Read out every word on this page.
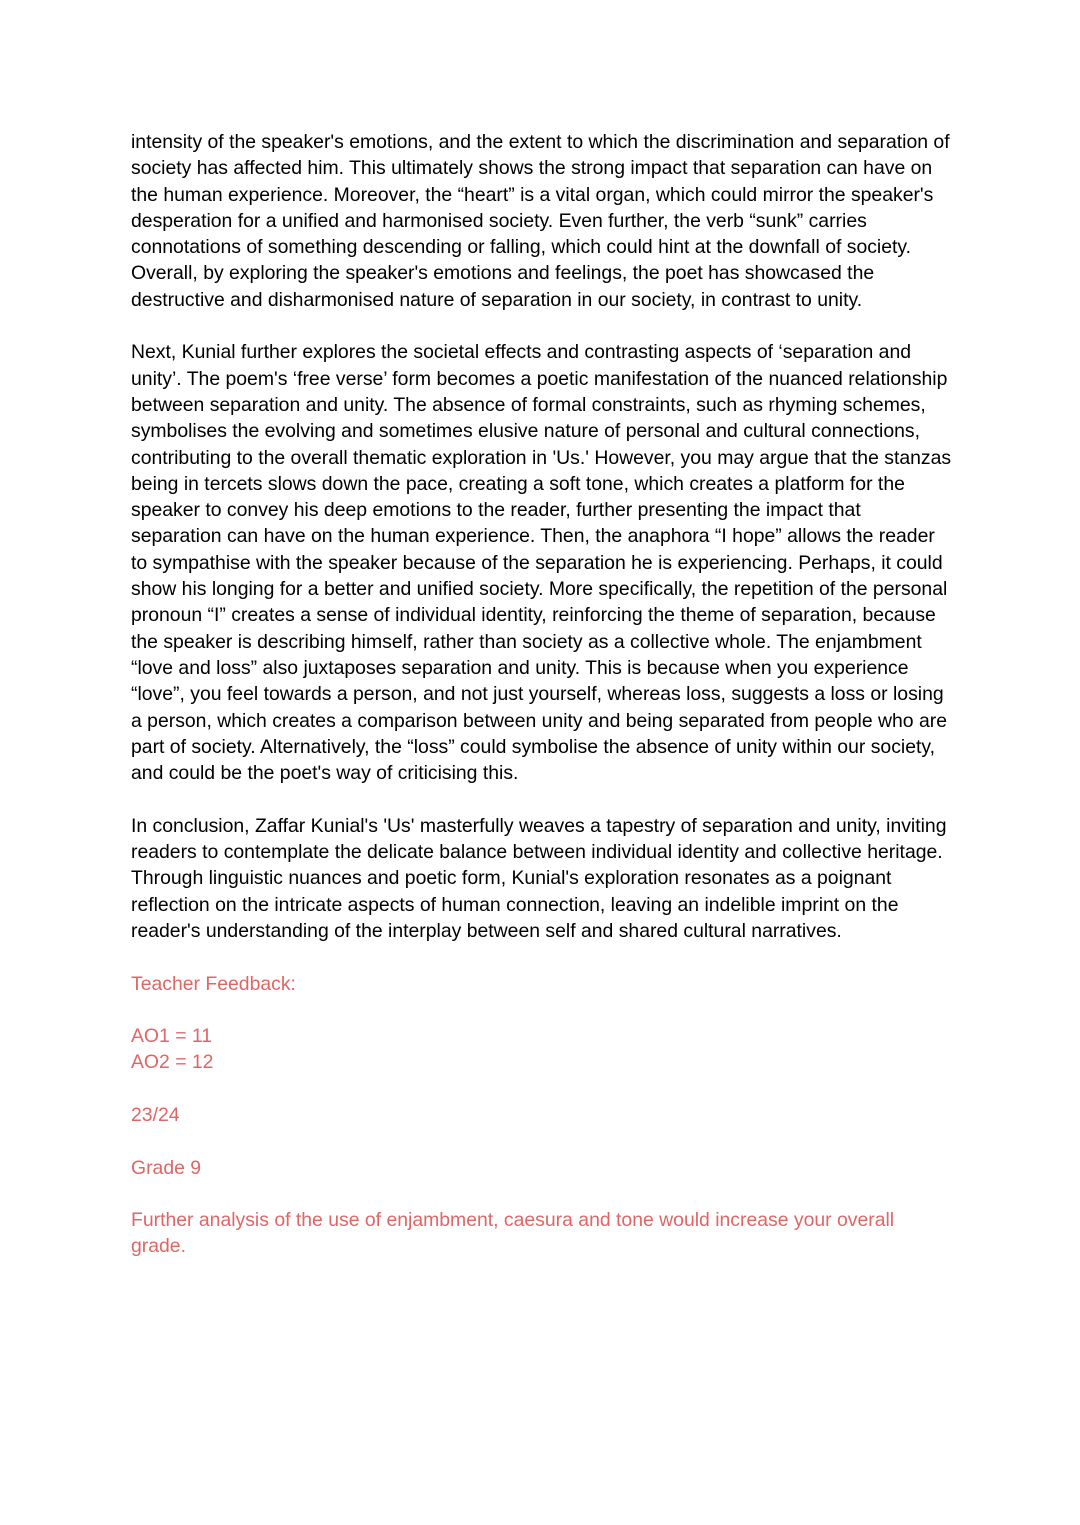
intensity of the speaker's emotions, and the extent to which the discrimination and separation of society has affected him. This ultimately shows the strong impact that separation can have on the human experience. Moreover, the “heart” is a vital organ, which could mirror the speaker's desperation for a unified and harmonised society. Even further, the verb “sunk” carries connotations of something descending or falling, which could hint at the downfall of society. Overall, by exploring the speaker's emotions and feelings, the poet has showcased the destructive and disharmonised nature of separation in our society, in contrast to unity.

Next, Kunial further explores the societal effects and contrasting aspects of ‘separation and unity’. The poem's ‘free verse’ form becomes a poetic manifestation of the nuanced relationship between separation and unity. The absence of formal constraints, such as rhyming schemes, symbolises the evolving and sometimes elusive nature of personal and cultural connections, contributing to the overall thematic exploration in 'Us.' However, you may argue that the stanzas being in tercets slows down the pace, creating a soft tone, which creates a platform for the speaker to convey his deep emotions to the reader, further presenting the impact that separation can have on the human experience. Then, the anaphora “I hope” allows the reader to sympathise with the speaker because of the separation he is experiencing. Perhaps, it could show his longing for a better and unified society. More specifically, the repetition of the personal pronoun “I” creates a sense of individual identity, reinforcing the theme of separation, because the speaker is describing himself, rather than society as a collective whole. The enjambment “love and loss” also juxtaposes separation and unity. This is because when you experience “love”, you feel towards a person, and not just yourself, whereas loss, suggests a loss or losing a person, which creates a comparison between unity and being separated from people who are part of society. Alternatively, the “loss” could symbolise the absence of unity within our society, and could be the poet's way of criticising this.

In conclusion, Zaffar Kunial's 'Us' masterfully weaves a tapestry of separation and unity, inviting readers to contemplate the delicate balance between individual identity and collective heritage. Through linguistic nuances and poetic form, Kunial's exploration resonates as a poignant reflection on the intricate aspects of human connection, leaving an indelible imprint on the reader's understanding of the interplay between self and shared cultural narratives.

Teacher Feedback:

AO1 = 11
AO2 = 12

23/24

Grade 9

Further analysis of the use of enjambment, caesura and tone would increase your overall grade.
